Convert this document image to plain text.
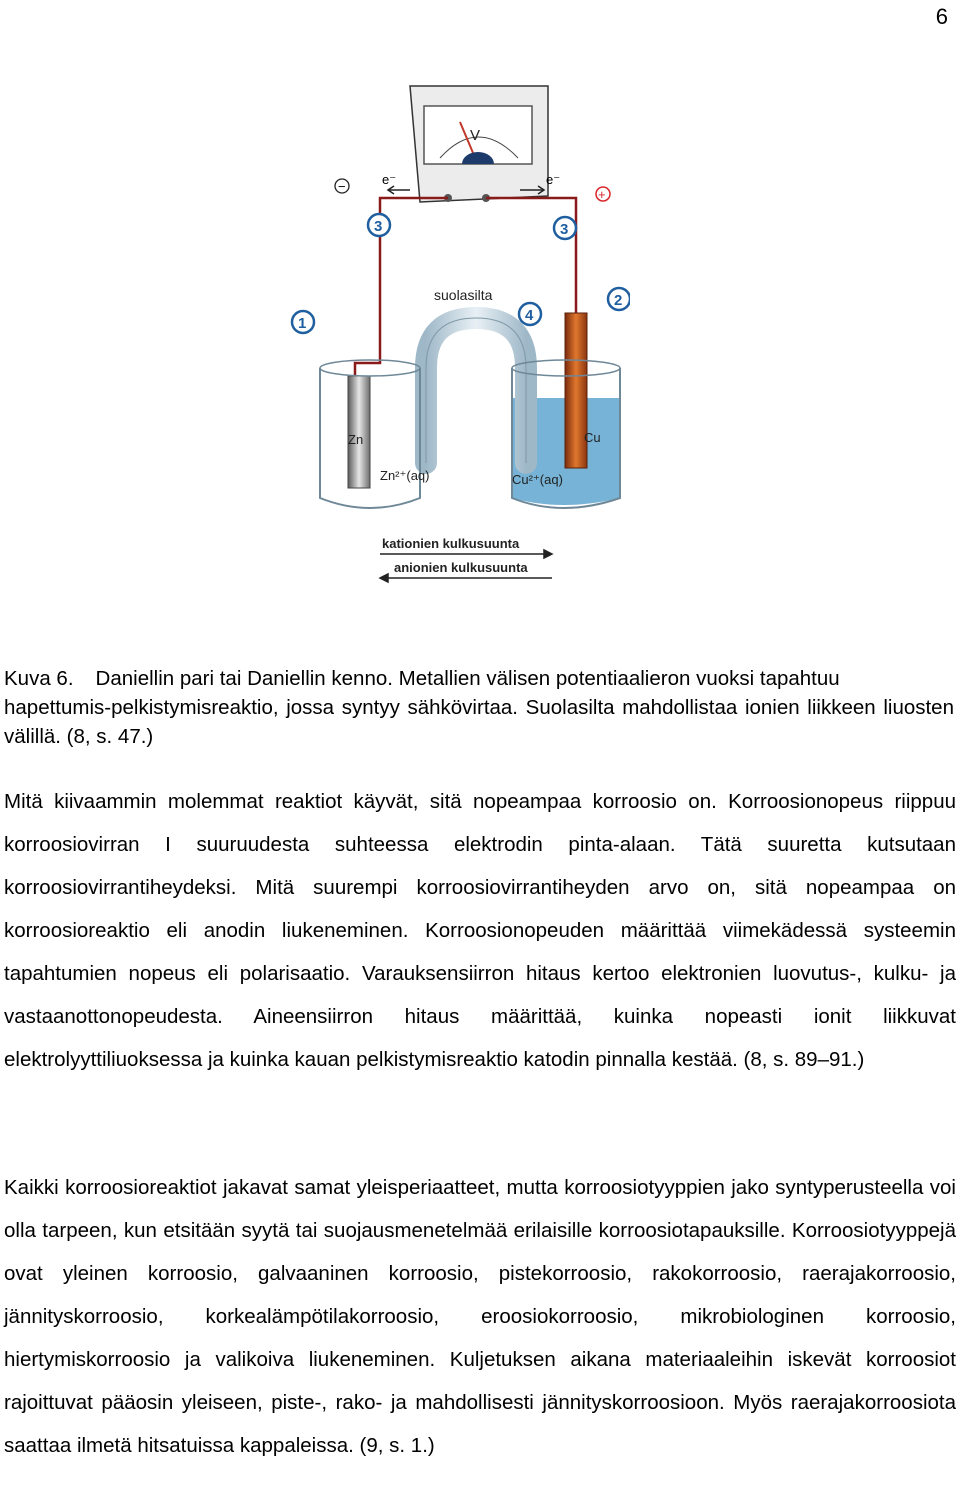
6
V
e⁻	e⁻
−
+
3	3
1
2
4
suolasilta
Zn	Cu
Zn²⁺(aq)	Cu²⁺(aq)
kationien kulkusuunta
anionien kulkusuunta
Kuva 6.	Daniellin pari tai Daniellin kenno. Metallien välisen potentiaalieron vuoksi tapahtuu
hapettumis-pelkistymisreaktio, jossa syntyy sähkövirtaa. Suolasilta mahdollistaa ionien liikkeen liuosten välillä. (8, s. 47.)

Mitä kiivaammin molemmat reaktiot käyvät, sitä nopeampaa korroosio on. Korroosionopeus riippuu korroosiovirran I suuruudesta suhteessa elektrodin pinta-alaan. Tätä suuretta kutsutaan korroosiovirrantiheydeksi. Mitä suurempi korroosiovirrantiheyden arvo on, sitä nopeampaa on korroosioreaktio eli anodin liukeneminen. Korroosionopeuden määrittää viimekädessä systeemin tapahtumien nopeus eli polarisaatio. Varauksensiirron hitaus kertoo elektronien luovutus-, kulku- ja vastaanottonopeudesta. Aineensiirron hitaus määrittää, kuinka nopeasti ionit liikkuvat elektrolyyttiliuoksessa ja kuinka kauan pelkistymisreaktio katodin pinnalla kestää. (8, s. 89–91.)

Kaikki korroosioreaktiot jakavat samat yleisperiaatteet, mutta korroosiotyyppien jako syntyperusteella voi olla tarpeen, kun etsitään syytä tai suojausmenetelmää erilaisille korroosiotapauksille. Korroosiotyyppejä ovat yleinen korroosio, galvaaninen korroosio, pistekorroosio, rakokorroosio, raerajakorroosio, jännityskorroosio, korkealämpötilakorroosio, eroosiokorroosio, mikrobiologinen korroosio, hiertymiskorroosio ja valikoiva liukeneminen. Kuljetuksen aikana materiaaleihin iskevät korroosiot rajoittuvat pääosin yleiseen, piste-, rako- ja mahdollisesti jännityskorroosioon. Myös raerajakorroosiota saattaa ilmetä hitsatuissa kappaleissa. (9, s. 1.)
